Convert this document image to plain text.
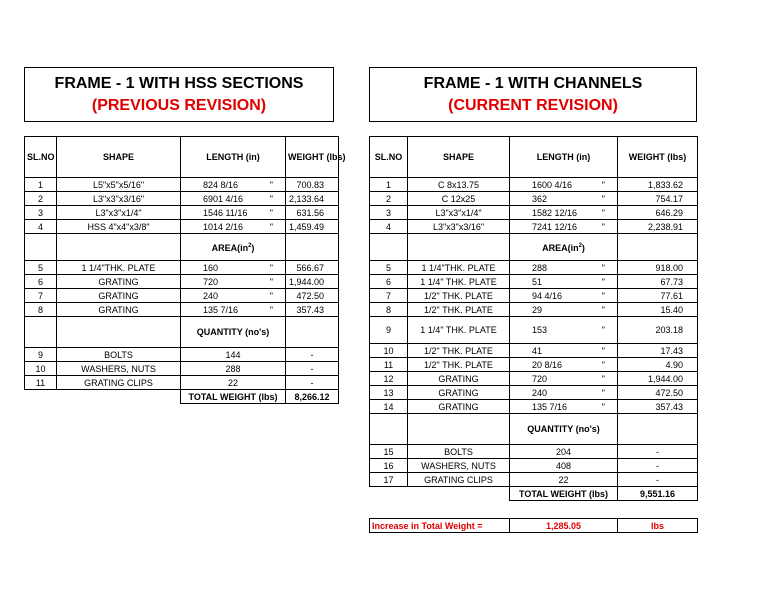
FRAME - 1 WITH HSS SECTIONS
(PREVIOUS REVISION)
FRAME - 1 WITH CHANNELS
(CURRENT REVISION)
SL.NO	SHAPE	LENGTH (in)	WEIGHT (lbs)
1	L5"x5"x5/16"	824 8/16 "	700.83
2	L3"x3"x3/16"	6901 4/16 "	2,133.64
3	L3"x3"x1/4"	1546 11/16 "	631.56
4	HSS 4"x4"x3/8"	1014 2/16 "	1,459.49
		$AREA(in^2)$	
5	1 1/4"THK. PLATE	160 "	566.67
6	GRATING	720 "	1,944.00
7	GRATING	240 "	472.50
8	GRATING	135 7/16 "	357.43
		QUANTITY (no's)	
9	BOLTS	144	-
10	WASHERS, NUTS	288	-
11	GRATING CLIPS	22	-
		TOTAL WEIGHT (lbs)	8,266.12
SL.NO	SHAPE	LENGTH (in)	WEIGHT (lbs)
1	C 8x13.75	1600 4/16 "	1,833.62
2	C 12x25	362 "	754.17
3	L3"x3"x1/4"	1582 12/16 "	646.29
4	L3"x3"x3/16"	7241 12/16 "	2,238.91
		$AREA(in^2)$	
5	1 1/4"THK. PLATE	288 "	918.00
6	1 1/4" THK. PLATE	51 "	67.73
7	1/2" THK. PLATE	94 4/16 "	77.61
8	1/2" THK. PLATE	29 "	15.40
9	1 1/4" THK. PLATE	153 "	203.18
10	1/2" THK. PLATE	41 "	17.43
11	1/2" THK. PLATE	20 8/16 "	4.90
12	GRATING	720 "	1,944.00
13	GRATING	240 "	472.50
14	GRATING	135 7/16 "	357.43
		QUANTITY (no's)	
15	BOLTS	204	-
16	WASHERS, NUTS	408	-
17	GRATING CLIPS	22	-
		TOTAL WEIGHT (lbs)	9,551.16
Increase in Total Weight =	1,285.05	lbs
